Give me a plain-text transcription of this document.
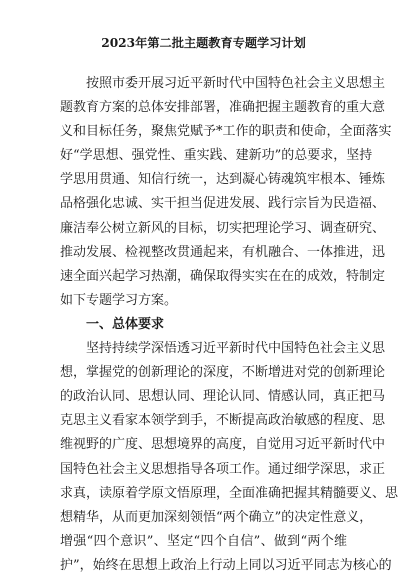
2023年第二批主题教育专题学习计划
　　按照市委开展习近平新时代中国特色社会主义思想主
题教育方案的总体安排部署，准确把握主题教育的重大意
义和目标任务，聚焦党赋予*工作的职责和使命，全面落实
好“学思想、强党性、重实践、建新功”的总要求，坚持
学思用贯通、知信行统一，达到凝心铸魂筑牢根本、锤炼
品格强化忠诚、实干担当促进发展、践行宗旨为民造福、
廉洁奉公树立新风的目标，切实把理论学习、调查研究、
推动发展、检视整改贯通起来，有机融合、一体推进，迅
速全面兴起学习热潮，确保取得实实在在的成效，特制定
如下专题学习方案。
　　一、总体要求
　　坚持持续学深悟透习近平新时代中国特色社会主义思
想，掌握党的创新理论的深度，不断增进对党的创新理论
的政治认同、思想认同、理论认同、情感认同，真正把马
克思主义看家本领学到手，不断提高政治敏感的程度、思
维视野的广度、思想境界的高度，自觉用习近平新时代中
国特色社会主义思想指导各项工作。通过细学深思，求正
求真，读原着学原文悟原理，全面准确把握其精髓要义、思
想精华，从而更加深刻领悟“两个确立”的决定性意义，
增强“四个意识”、坚定“四个自信”、做到“两个维
护”，始终在思想上政治上行动上同以习近平同志为核心的
